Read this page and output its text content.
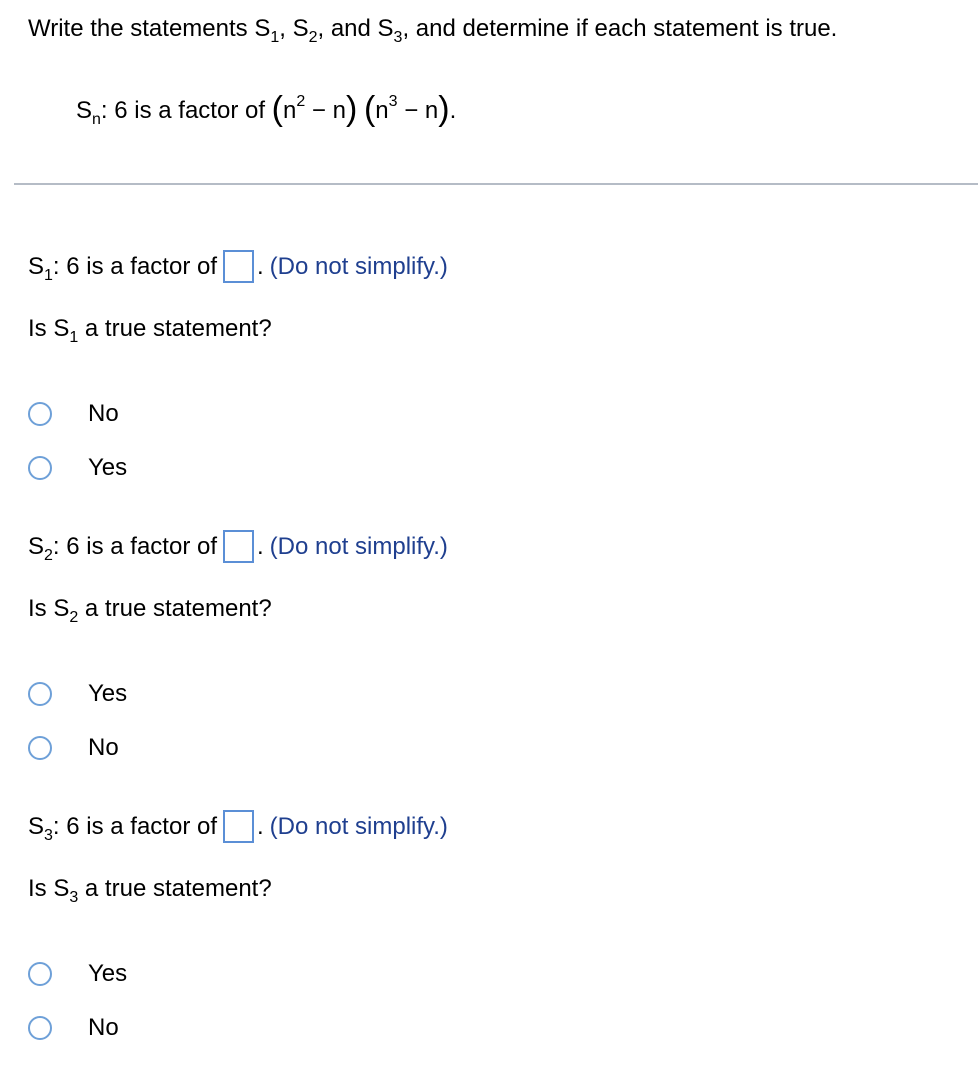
Write the statements $S_1$, $S_2$, and $S_3$, and determine if each statement is true.
$S_n$: 6 is a factor of $(n^2 - n) (n^3 - n)$.
$S_1$: 6 is a factor of . (Do not simplify.)
Is $S_1$ a true statement?
No
Yes
$S_2$: 6 is a factor of . (Do not simplify.)
Is $S_2$ a true statement?
Yes
No
$S_3$: 6 is a factor of . (Do not simplify.)
Is $S_3$ a true statement?
Yes
No
